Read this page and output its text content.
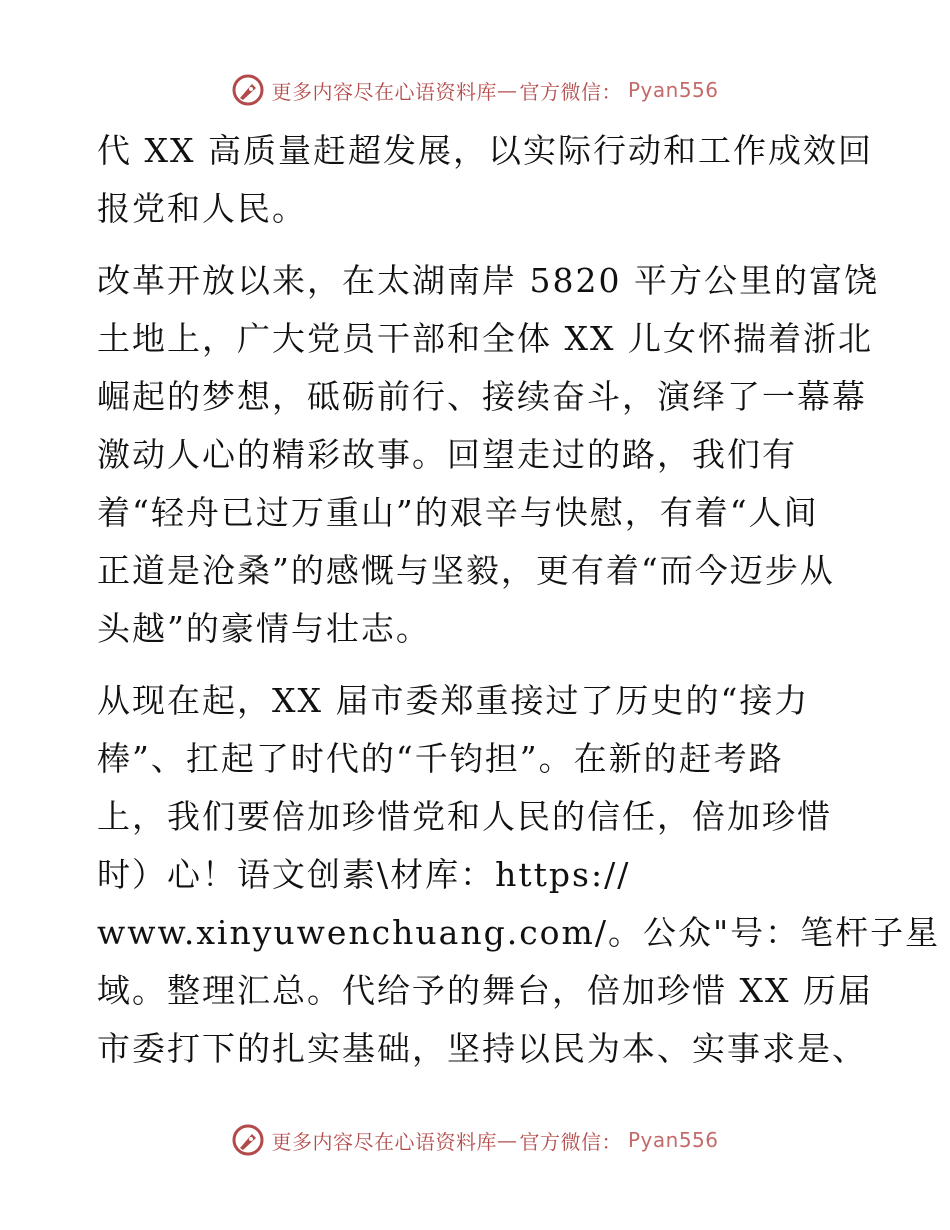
更多内容尽在心语资料库 — 官方微信： Pyan556
代 XX 高质量赶超发展，以实际行动和工作成效回
报党和人民。
改革开放以来，在太湖南岸 5820 平方公里的富饶
土地上，广大党员干部和全体 XX 儿女怀揣着浙北
崛起的梦想，砥砺前行、接续奋斗，演绎了一幕幕
激动人心的精彩故事。回望走过的路，我们有
着“轻舟已过万重山”的艰辛与快慰，有着“人间
正道是沧桑”的感慨与坚毅，更有着“而今迈步从
头越”的豪情与壮志。
从现在起，XX 届市委郑重接过了历史的“接力
棒”、扛起了时代的“千钧担”。在新的赶考路
上，我们要倍加珍惜党和人民的信任，倍加珍惜
时）心！语文创素\材库：https://
www.xinyuwenchuang.com/。公众"号：笔杆子星
域。整理汇总。代给予的舞台，倍加珍惜 XX 历届
市委打下的扎实基础，坚持以民为本、实事求是、
更多内容尽在心语资料库 — 官方微信： Pyan556
